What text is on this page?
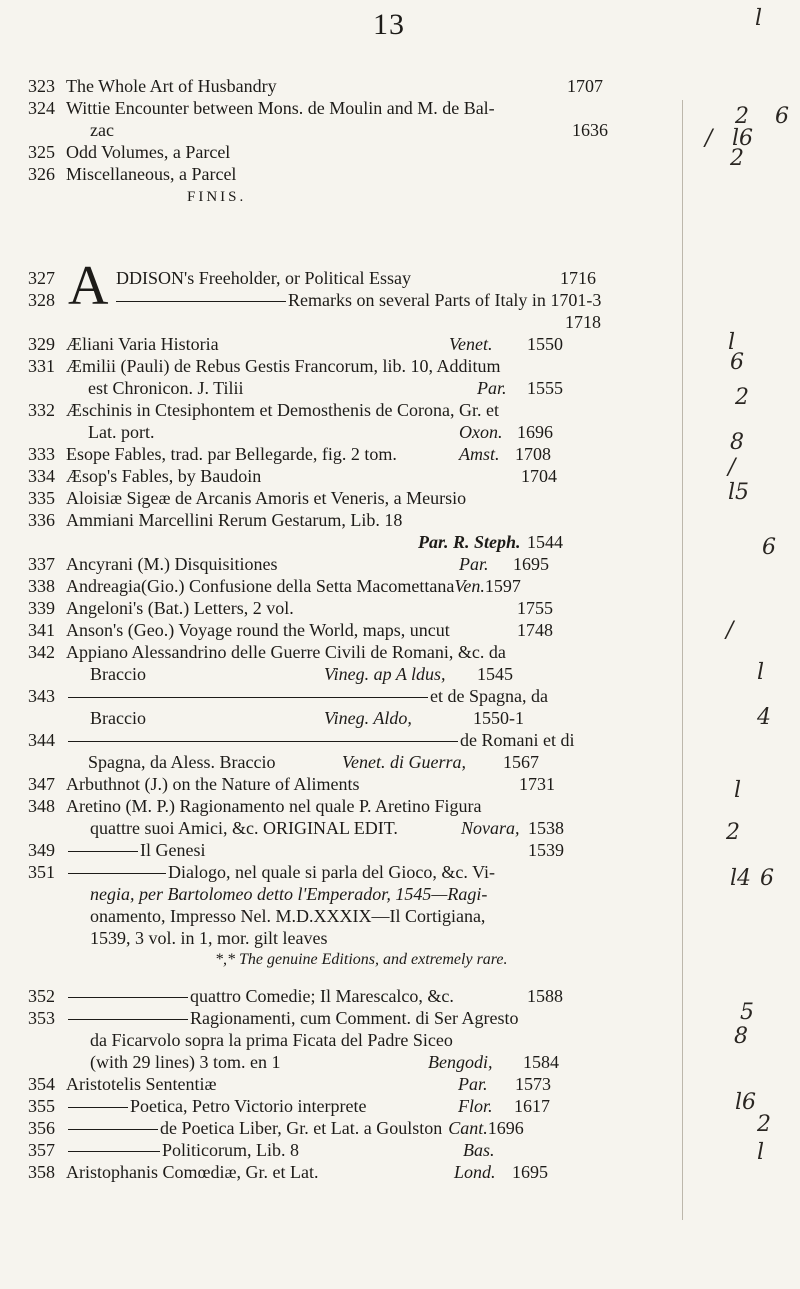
13
323 The Whole Art of Husbandry	1707
324 Wittie Encounter between Mons. de Moulin and M. de Bal-
zac	1636
325 Odd Volumes, a Parcel
326 Miscellaneous, a Parcel
FINIS.
A
327	DDISON's Freeholder, or Political Essay	1716
328	Remarks on several Parts of Italy in 1701-3
1718
329 Æliani Varia Historia	Venet. 1550
331 Æmilii (Pauli) de Rebus Gestis Francorum, lib. 10, Additum
est Chronicon. J. Tilii	Par. 1555
332 Æschinis in Ctesiphontem et Demosthenis de Corona, Gr. et
Lat. port.	Oxon. 1696
333 Esope Fables, trad. par Bellegarde, fig. 2 tom.	Amst. 1708
334 Æsop's Fables, by Baudoin	1704
335 Aloisiæ Sigeæ de Arcanis Amoris et Veneris, a Meursio
336 Ammiani Marcellini Rerum Gestarum, Lib. 18
Par. R. Steph. 1544
337 Ancyrani (M.) Disquisitiones	Par. 1695
338 Andreagia(Gio.) Confusione della Setta MacomettanaVen.1597
339 Angeloni's (Bat.) Letters, 2 vol.	1755
341 Anson's (Geo.) Voyage round the World, maps, uncut	1748
342 Appiano Alessandrino delle Guerre Civili de Romani, &c. da
Braccio	Vineg. ap A ldus, 1545
343	et de Spagna, da
Braccio	Vineg. Aldo,	1550-1
344	de Romani et di
Spagna, da Aless. Braccio	Venet. di Guerra, 1567
347 Arbuthnot (J.) on the Nature of Aliments	1731
348 Aretino (M. P.) Ragionamento nel quale P. Aretino Figura
quattre suoi Amici, &c. ORIGINAL EDIT.	Novara, 1538
349	Il Genesi	1539
351	Dialogo, nel quale si parla del Gioco, &c. Vi-
negia, per Bartolomeo detto l'Emperador, 1545—Ragi-
onamento, Impresso Nel. M.D.XXXIX—Il Cortigiana,
1539, 3 vol. in 1, mor. gilt leaves
*,* The genuine Editions, and extremely rare.
352	quattro Comedie; Il Marescalco, &c.	1588
353	Ragionamenti, cum Comment. di Ser Agresto
da Ficarvolo sopra la prima Ficata del Padre Siceo
(with 29 lines) 3 tom. en 1	Bengodi, 1584
354 Aristotelis Sententiæ	Par. 1573
355	Poetica, Petro Victorio interprete	Flor. 1617
356	de Poetica Liber, Gr. et Lat. a Goulston Cant.1696
357	Politicorum, Lib. 8	Bas.
358 Aristophanis Comœdiæ, Gr. et Lat.	Lond. 1695
l
2 6
/ l6
2
l
6
2
8
/
l5
6
/
l
4
l
2
l4 6
5
8
l6
2
l
